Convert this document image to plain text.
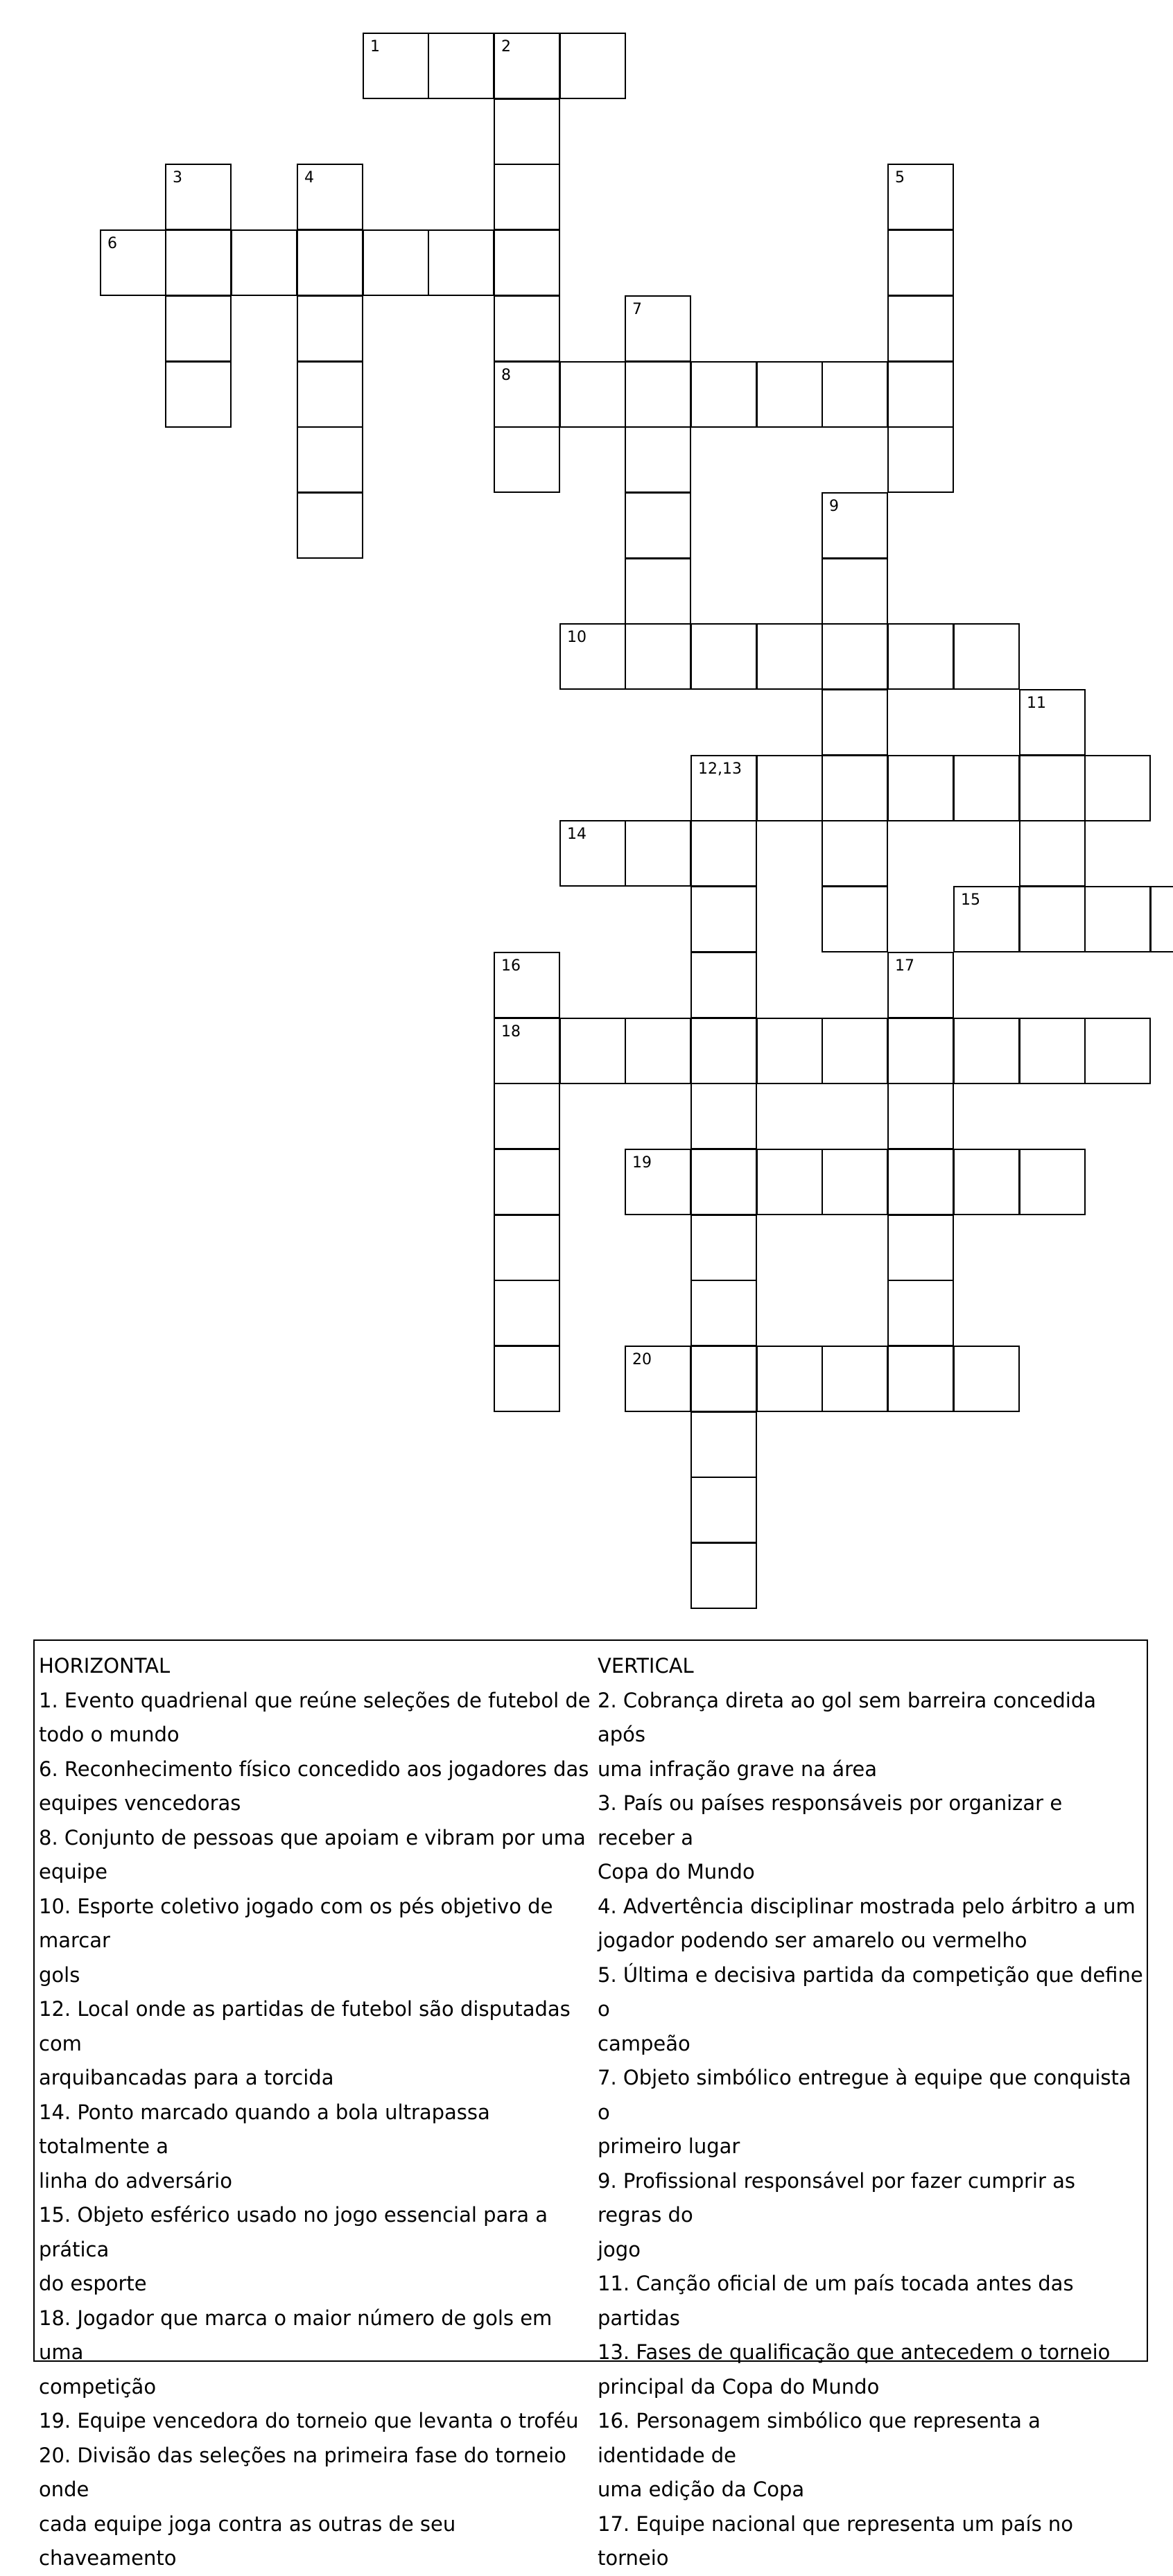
1	2
3	4	5
6
7
8
9
10
11
12,13
14
15
16	17
18
19
20

HORIZONTAL

1. Evento quadrienal que reúne seleções de futebol de

todo o mundo

6. Reconhecimento físico concedido aos jogadores das

equipes vencedoras

8. Conjunto de pessoas que apoiam e vibram por uma

equipe

10. Esporte coletivo jogado com os pés objetivo de marcar

gols

12. Local onde as partidas de futebol são disputadas com

arquibancadas para a torcida

14. Ponto marcado quando a bola ultrapassa totalmente a

linha do adversário

15. Objeto esférico usado no jogo essencial para a prática

do esporte

18. Jogador que marca o maior número de gols em uma

competição

19. Equipe vencedora do torneio que levanta o troféu

20. Divisão das seleções na primeira fase do torneio onde

cada equipe joga contra as outras de seu chaveamento

VERTICAL

2. Cobrança direta ao gol sem barreira concedida após

uma infração grave na área

3. País ou países responsáveis por organizar e receber a

Copa do Mundo

4. Advertência disciplinar mostrada pelo árbitro a um

jogador podendo ser amarelo ou vermelho

5. Última e decisiva partida da competição que define o

campeão

7. Objeto simbólico entregue à equipe que conquista o

primeiro lugar

9. Profissional responsável por fazer cumprir as regras do

jogo

11. Canção oficial de um país tocada antes das partidas

13. Fases de qualificação que antecedem o torneio

principal da Copa do Mundo

16. Personagem simbólico que representa a identidade de

uma edição da Copa

17. Equipe nacional que representa um país no torneio
